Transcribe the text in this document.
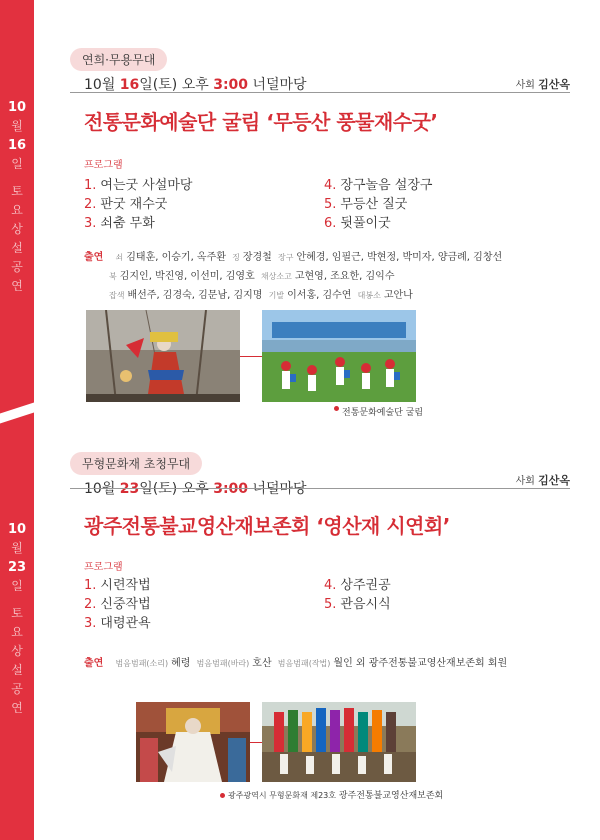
10
월
16
일
토
요
상
설
공
연
10
월
23
일
토
요
상
설
공
연
연희·무용무대
10월 16일(토) 오후 3:00 너덜마당	사회 김산옥
전통문화예술단 굴림 ‘무등산 풍물재수굿’
프로그램
1. 여는굿 사설마당
2. 판굿 재수굿
3. 쇠춤 무화
4. 장구놀음 설장구
5. 무등산 질굿
6. 뒷풀이굿
출연 쇠 김태훈, 이승기, 옥주환 징 장경철 장구 안혜경, 임필근, 박현정, 박미자, 양금례, 김창선
북 김지인, 박진영, 이선미, 김영호 채상소고 고현영, 조요한, 김익수
잡색 배선주, 김경숙, 김문남, 김지명 기발 이서홍, 김수연 대봉소 고안나
전통문화예술단 굴림
무형문화재 초청무대
10월 23일(토) 오후 3:00 너덜마당	사회 김산옥
광주전통불교영산재보존회 ‘영산재 시연회’
프로그램
1. 시련작법
2. 신중작법
3. 대령관욕
4. 상주권공
5. 관음시식
출연 범음범패(소리) 혜령 범음범패(바라) 호산 범음범패(작법) 월인 외 광주전통불교영산재보존회 회원
광주광역시 무형문화재 제23호 광주전통불교영산재보존회
